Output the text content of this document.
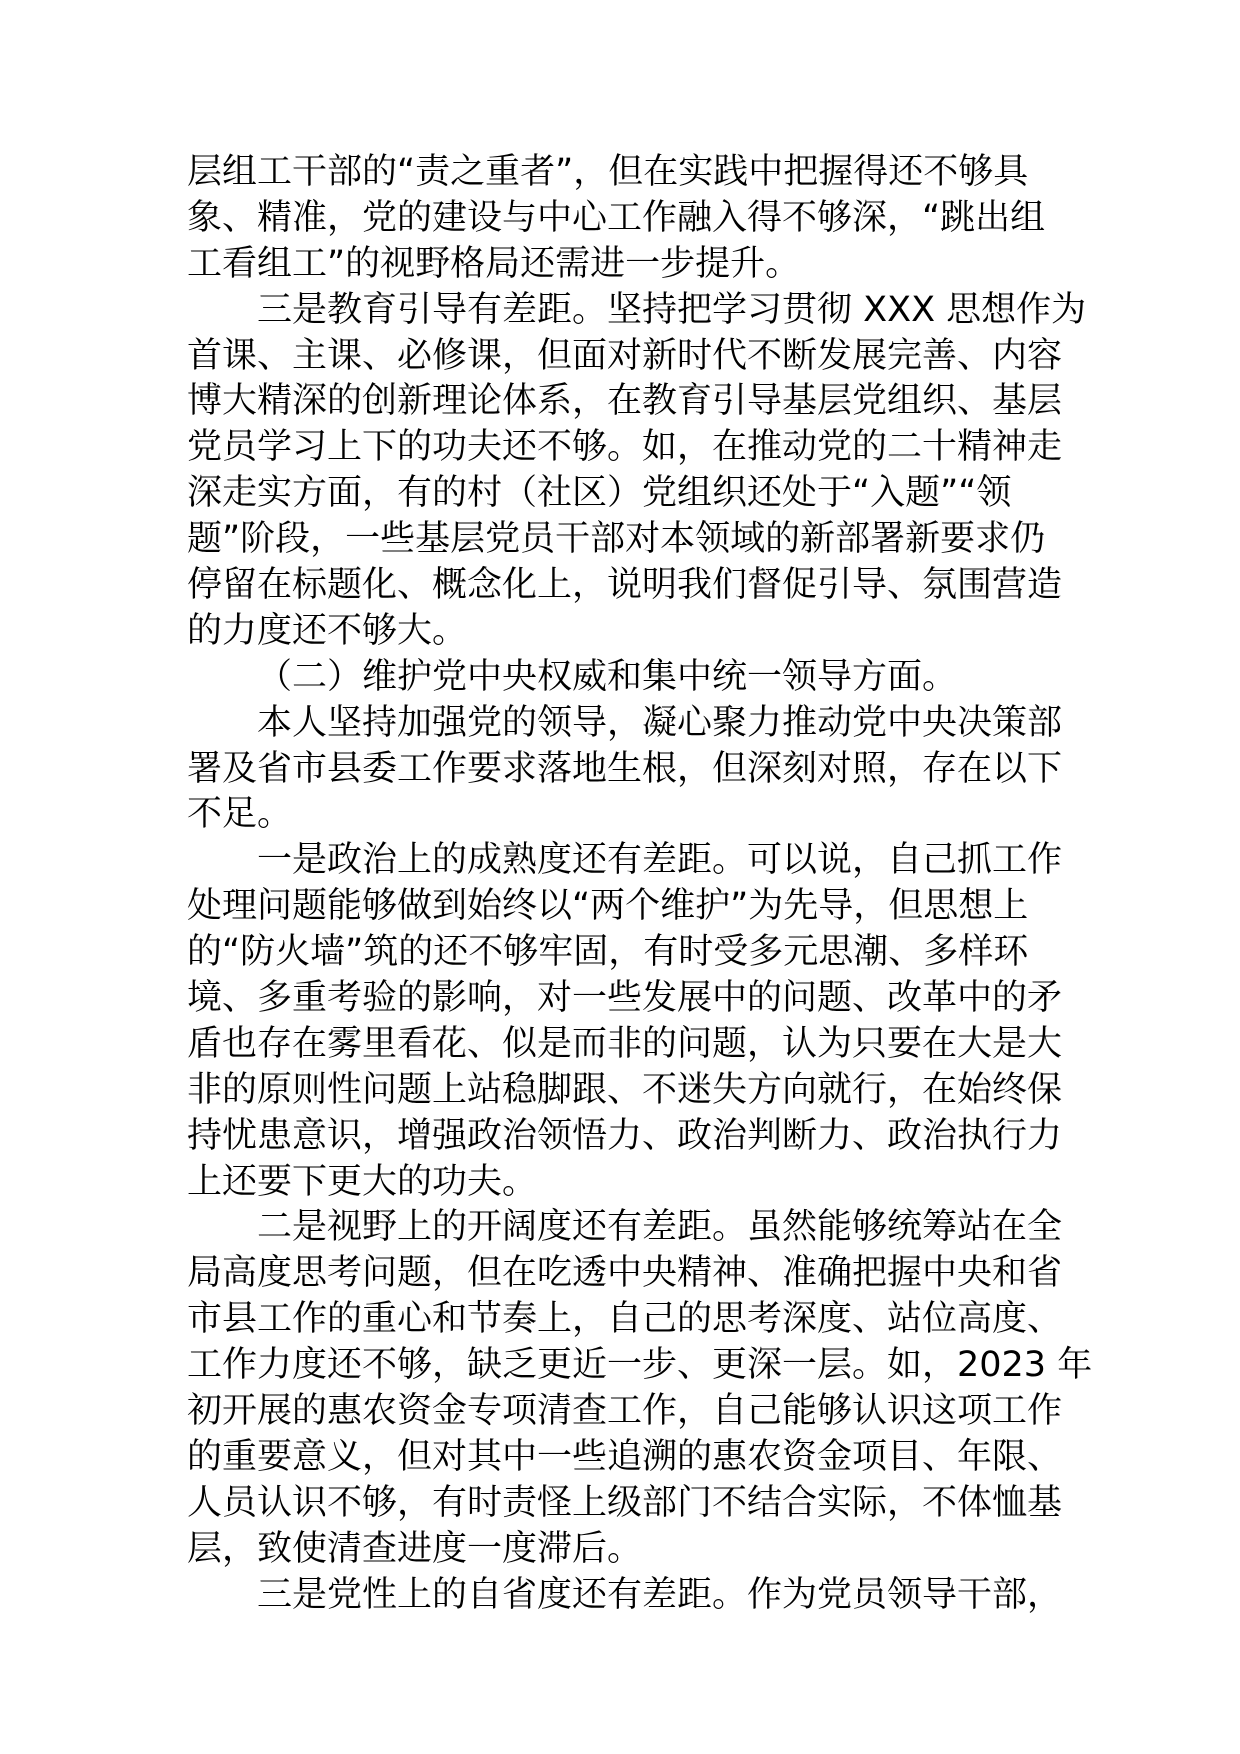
层组工干部的“责之重者”，但在实践中把握得还不够具
象、精准，党的建设与中心工作融入得不够深，“跳出组
工看组工”的视野格局还需进一步提升。
三是教育引导有差距。坚持把学习贯彻 XXX 思想作为
首课、主课、必修课，但面对新时代不断发展完善、内容
博大精深的创新理论体系，在教育引导基层党组织、基层
党员学习上下的功夫还不够。如，在推动党的二十精神走
深走实方面，有的村（社区）党组织还处于“入题”“领
题”阶段，一些基层党员干部对本领域的新部署新要求仍
停留在标题化、概念化上，说明我们督促引导、氛围营造
的力度还不够大。
（二）维护党中央权威和集中统一领导方面。
本人坚持加强党的领导，凝心聚力推动党中央决策部
署及省市县委工作要求落地生根，但深刻对照，存在以下
不足。
一是政治上的成熟度还有差距。可以说，自己抓工作
处理问题能够做到始终以“两个维护”为先导，但思想上
的“防火墙”筑的还不够牢固，有时受多元思潮、多样环
境、多重考验的影响，对一些发展中的问题、改革中的矛
盾也存在雾里看花、似是而非的问题，认为只要在大是大
非的原则性问题上站稳脚跟、不迷失方向就行，在始终保
持忧患意识，增强政治领悟力、政治判断力、政治执行力
上还要下更大的功夫。
二是视野上的开阔度还有差距。虽然能够统筹站在全
局高度思考问题，但在吃透中央精神、准确把握中央和省
市县工作的重心和节奏上，自己的思考深度、站位高度、
工作力度还不够，缺乏更近一步、更深一层。如，2023 年
初开展的惠农资金专项清查工作，自己能够认识这项工作
的重要意义，但对其中一些追溯的惠农资金项目、年限、
人员认识不够，有时责怪上级部门不结合实际，不体恤基
层，致使清查进度一度滞后。
三是党性上的自省度还有差距。作为党员领导干部，
